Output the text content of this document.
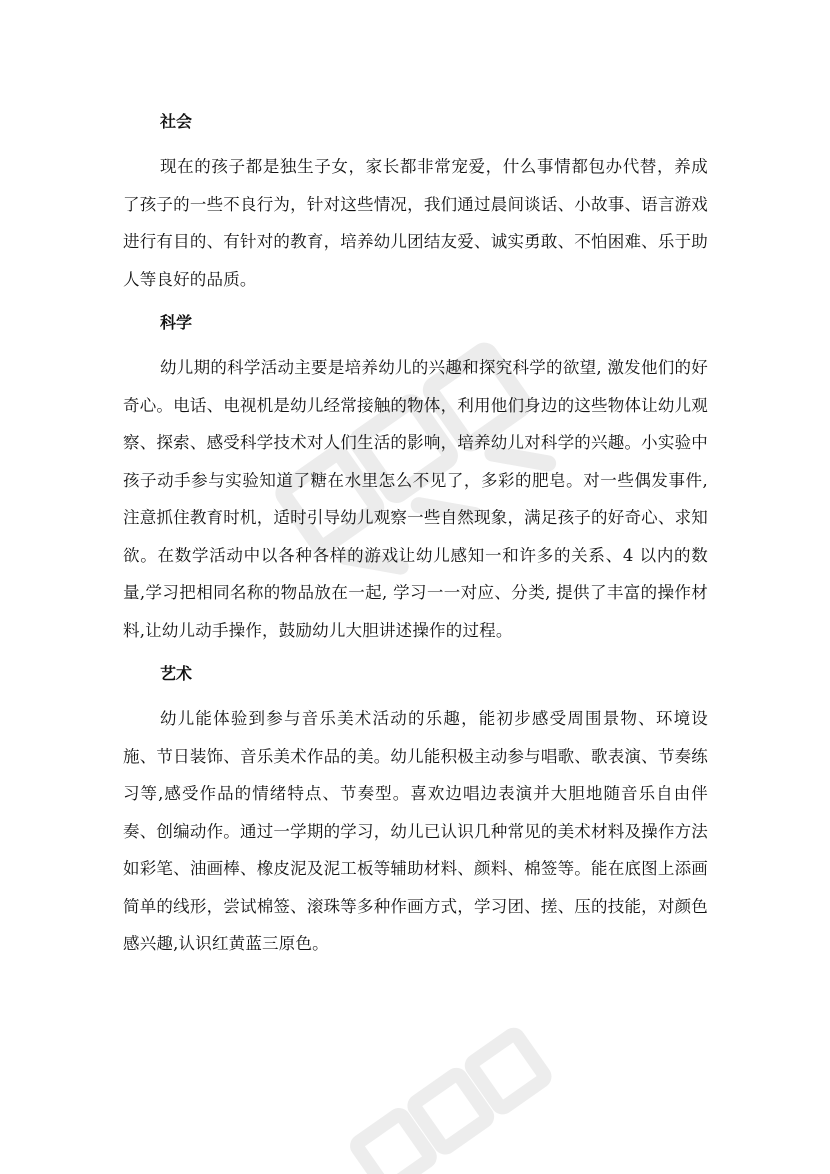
社会

现在的孩子都是独生子女，家长都非常宠爱，什么事情都包办代替，养成了孩子的一些不良行为，针对这些情况，我们通过晨间谈话、小故事、语言游戏进行有目的、有针对的教育，培养幼儿团结友爱、诚实勇敢、不怕困难、乐于助人等良好的品质。

科学

幼儿期的科学活动主要是培养幼儿的兴趣和探究科学的欲望, 激发他们的好奇心。电话、电视机是幼儿经常接触的物体，利用他们身边的这些物体让幼儿观察、探索、感受科学技术对人们生活的影响，培养幼儿对科学的兴趣。小实验中孩子动手参与实验知道了糖在水里怎么不见了，多彩的肥皂。对一些偶发事件,注意抓住教育时机，适时引导幼儿观察一些自然现象，满足孩子的好奇心、求知欲。在数学活动中以各种各样的游戏让幼儿感知一和许多的关系、4 以内的数量,学习把相同名称的物品放在一起, 学习一一对应、分类, 提供了丰富的操作材料,让幼儿动手操作，鼓励幼儿大胆讲述操作的过程。

艺术

幼儿能体验到参与音乐美术活动的乐趣，能初步感受周围景物、环境设施、节日装饰、音乐美术作品的美。幼儿能积极主动参与唱歌、歌表演、节奏练习等,感受作品的情绪特点、节奏型。喜欢边唱边表演并大胆地随音乐自由伴奏、创编动作。通过一学期的学习，幼儿已认识几种常见的美术材料及操作方法如彩笔、油画棒、橡皮泥及泥工板等辅助材料、颜料、棉签等。能在底图上添画简单的线形，尝试棉签、滚珠等多种作画方式，学习团、搓、压的技能，对颜色感兴趣,认识红黄蓝三原色。
